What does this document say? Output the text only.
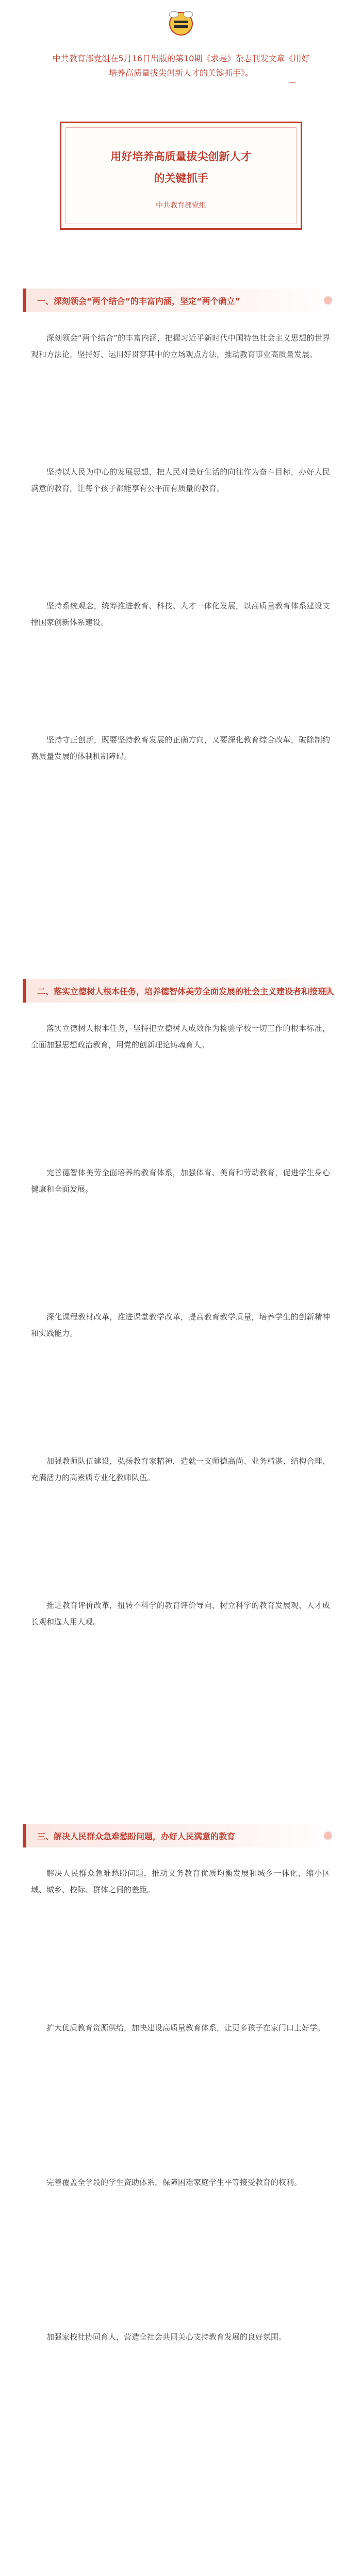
中共教育部党组在5月16日出版的第10期《求是》杂志刊发文章《用好培养高质量拔尖创新人才的关键抓手》。
—
用好培养高质量拔尖创新人才
的关键抓手
中共教育部党组
一、深刻领会“两个结合”的丰富内涵，坚定“两个确立”
深刻领会“两个结合”的丰富内涵，把握习近平新时代中国特色社会主义思想的世界观和方法论，坚持好、运用好贯穿其中的立场观点方法，推动教育事业高质量发展。
坚持以人民为中心的发展思想，把人民对美好生活的向往作为奋斗目标，办好人民满意的教育，让每个孩子都能享有公平而有质量的教育。
坚持系统观念，统筹推进教育、科技、人才一体化发展，以高质量教育体系建设支撑国家创新体系建设。
坚持守正创新，既要坚持教育发展的正确方向，又要深化教育综合改革，破除制约高质量发展的体制机制障碍。
二、落实立德树人根本任务，培养德智体美劳全面发展的社会主义建设者和接班人
落实立德树人根本任务，坚持把立德树人成效作为检验学校一切工作的根本标准，全面加强思想政治教育，用党的创新理论铸魂育人。
完善德智体美劳全面培养的教育体系，加强体育、美育和劳动教育，促进学生身心健康和全面发展。
深化课程教材改革，推进课堂教学改革，提高教育教学质量，培养学生的创新精神和实践能力。
加强教师队伍建设，弘扬教育家精神，造就一支师德高尚、业务精湛、结构合理、充满活力的高素质专业化教师队伍。
推进教育评价改革，扭转不科学的教育评价导向，树立科学的教育发展观、人才成长观和选人用人观。
三、解决人民群众急难愁盼问题，办好人民满意的教育
解决人民群众急难愁盼问题，推动义务教育优质均衡发展和城乡一体化，缩小区域、城乡、校际、群体之间的差距。
扩大优质教育资源供给，加快建设高质量教育体系，让更多孩子在家门口上好学。
完善覆盖全学段的学生资助体系，保障困难家庭学生平等接受教育的权利。
加强家校社协同育人，营造全社会共同关心支持教育发展的良好氛围。
